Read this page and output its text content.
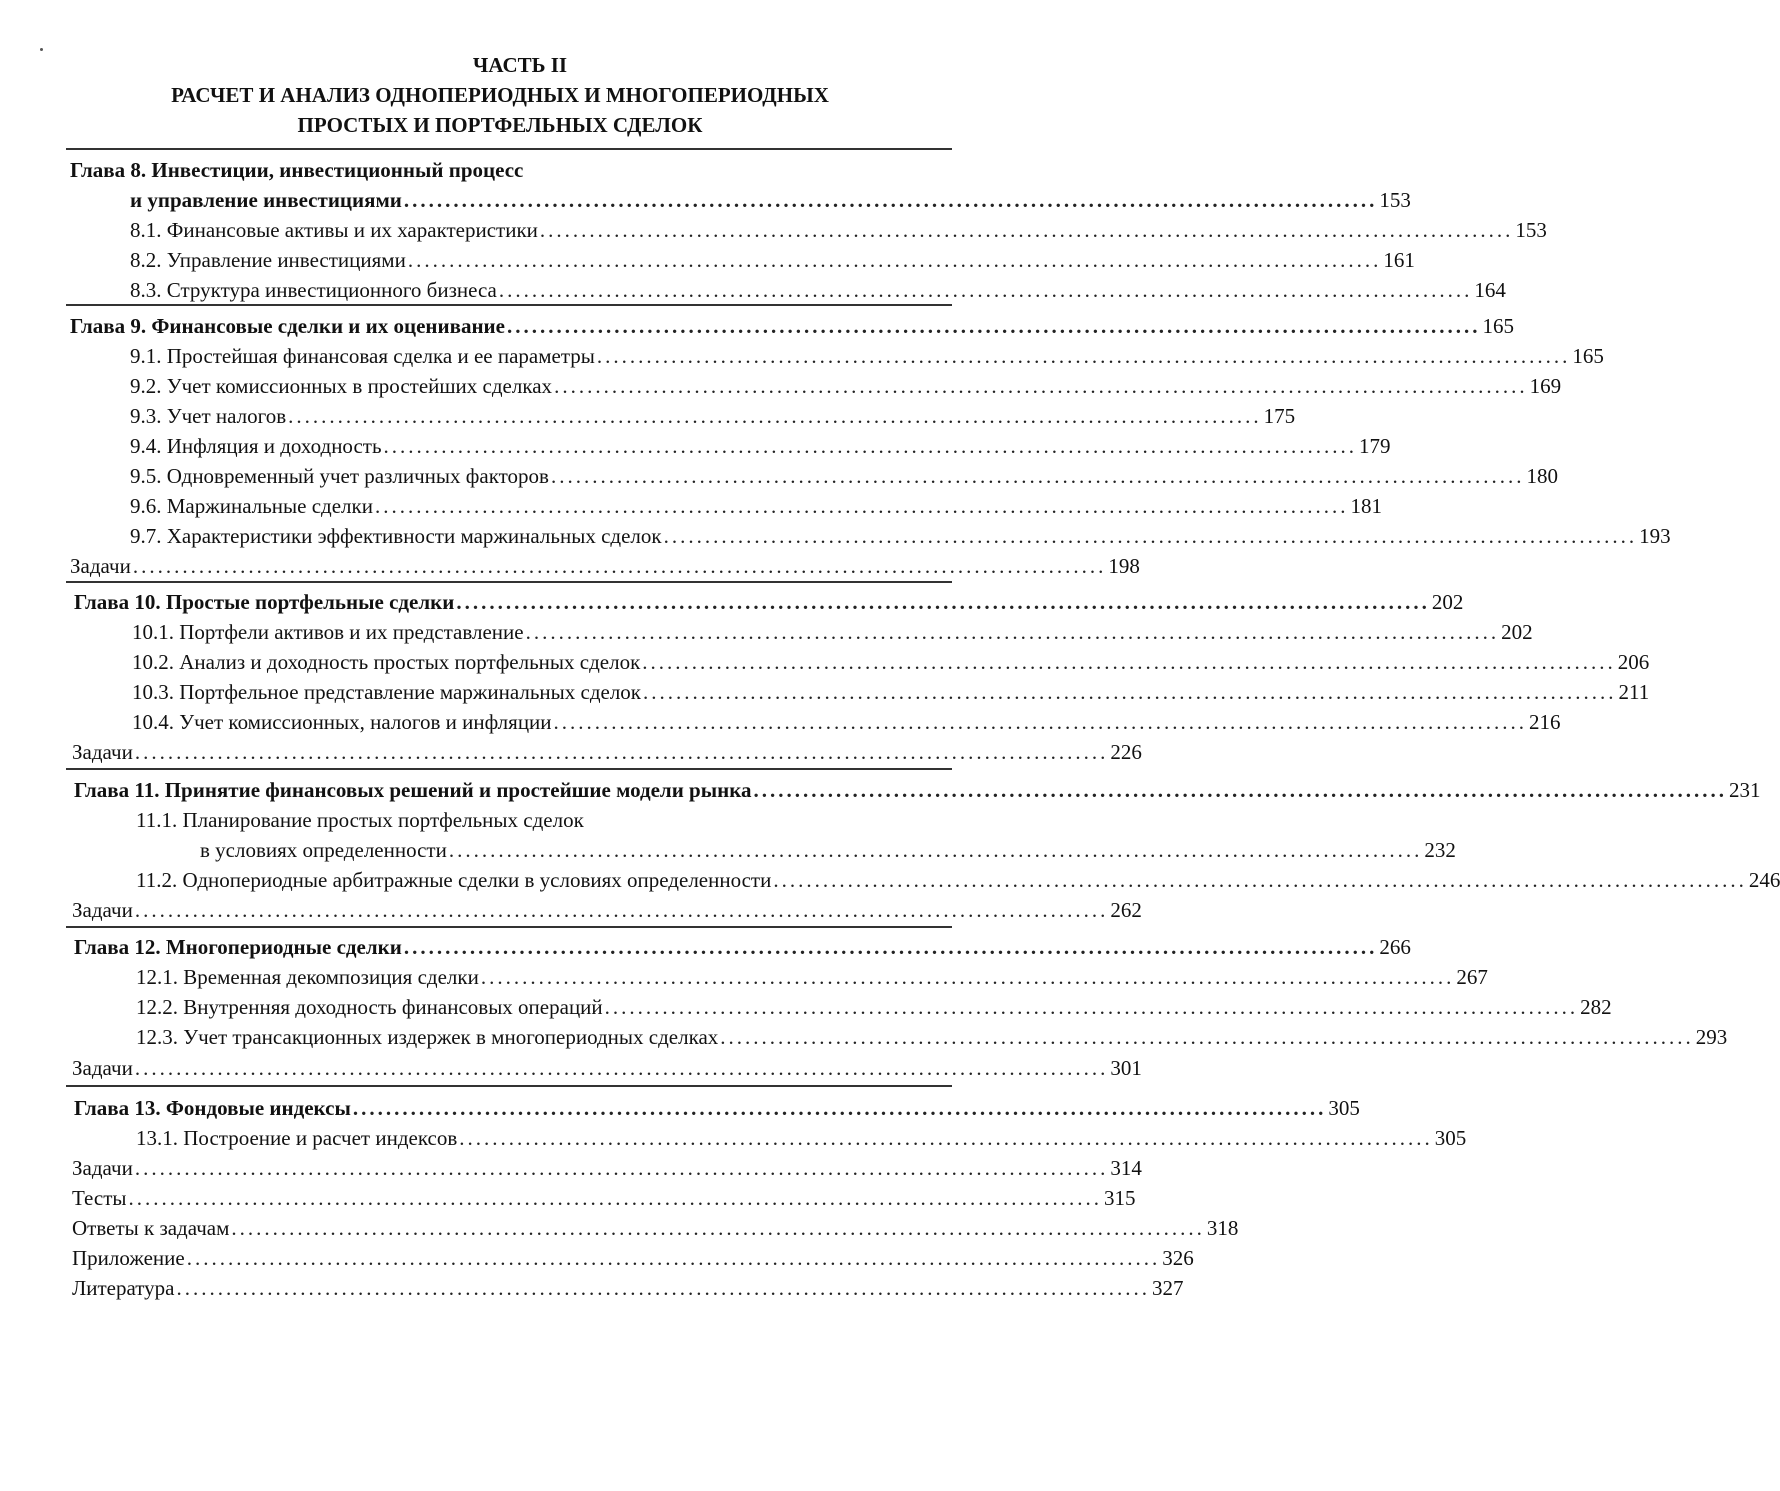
ЧАСТЬ II
РАСЧЕТ И АНАЛИЗ ОДНОПЕРИОДНЫХ И МНОГОПЕРИОДНЫХ
ПРОСТЫХ И ПОРТФЕЛЬНЫХ СДЕЛОК
Глава 8. Инвестиции, инвестиционный процесс
и управление инвестициями ...................................................................................................................... 153
8.1. Финансовые активы и их характеристики ...................................................................................................................... 153
8.2. Управление инвестициями ...................................................................................................................... 161
8.3. Структура инвестиционного бизнеса ...................................................................................................................... 164
Глава 9. Финансовые сделки и их оценивание ...................................................................................................................... 165
9.1. Простейшая финансовая сделка и ее параметры ...................................................................................................................... 165
9.2. Учет комиссионных в простейших сделках ...................................................................................................................... 169
9.3. Учет налогов ...................................................................................................................... 175
9.4. Инфляция и доходность ...................................................................................................................... 179
9.5. Одновременный учет различных факторов ...................................................................................................................... 180
9.6. Маржинальные сделки ...................................................................................................................... 181
9.7. Характеристики эффективности маржинальных сделок ...................................................................................................................... 193
Задачи ...................................................................................................................... 198
Глава 10. Простые портфельные сделки ...................................................................................................................... 202
10.1. Портфели активов и их представление ...................................................................................................................... 202
10.2. Анализ и доходность простых портфельных сделок ...................................................................................................................... 206
10.3. Портфельное представление маржинальных сделок ...................................................................................................................... 211
10.4. Учет комиссионных, налогов и инфляции ...................................................................................................................... 216
Задачи ...................................................................................................................... 226
Глава 11. Принятие финансовых решений и простейшие модели рынка ...................................................................................................................... 231
11.1. Планирование простых портфельных сделок
в условиях определенности ...................................................................................................................... 232
11.2. Однопериодные арбитражные сделки в условиях определенности ...................................................................................................................... 246
Задачи ...................................................................................................................... 262
Глава 12. Многопериодные сделки ...................................................................................................................... 266
12.1. Временная декомпозиция сделки ...................................................................................................................... 267
12.2. Внутренняя доходность финансовых операций ...................................................................................................................... 282
12.3. Учет трансакционных издержек в многопериодных сделках ...................................................................................................................... 293
Задачи ...................................................................................................................... 301
Глава 13. Фондовые индексы ...................................................................................................................... 305
13.1. Построение и расчет индексов ...................................................................................................................... 305
Задачи ...................................................................................................................... 314
Тесты ...................................................................................................................... 315
Ответы к задачам ...................................................................................................................... 318
Приложение ...................................................................................................................... 326
Литература ...................................................................................................................... 327
